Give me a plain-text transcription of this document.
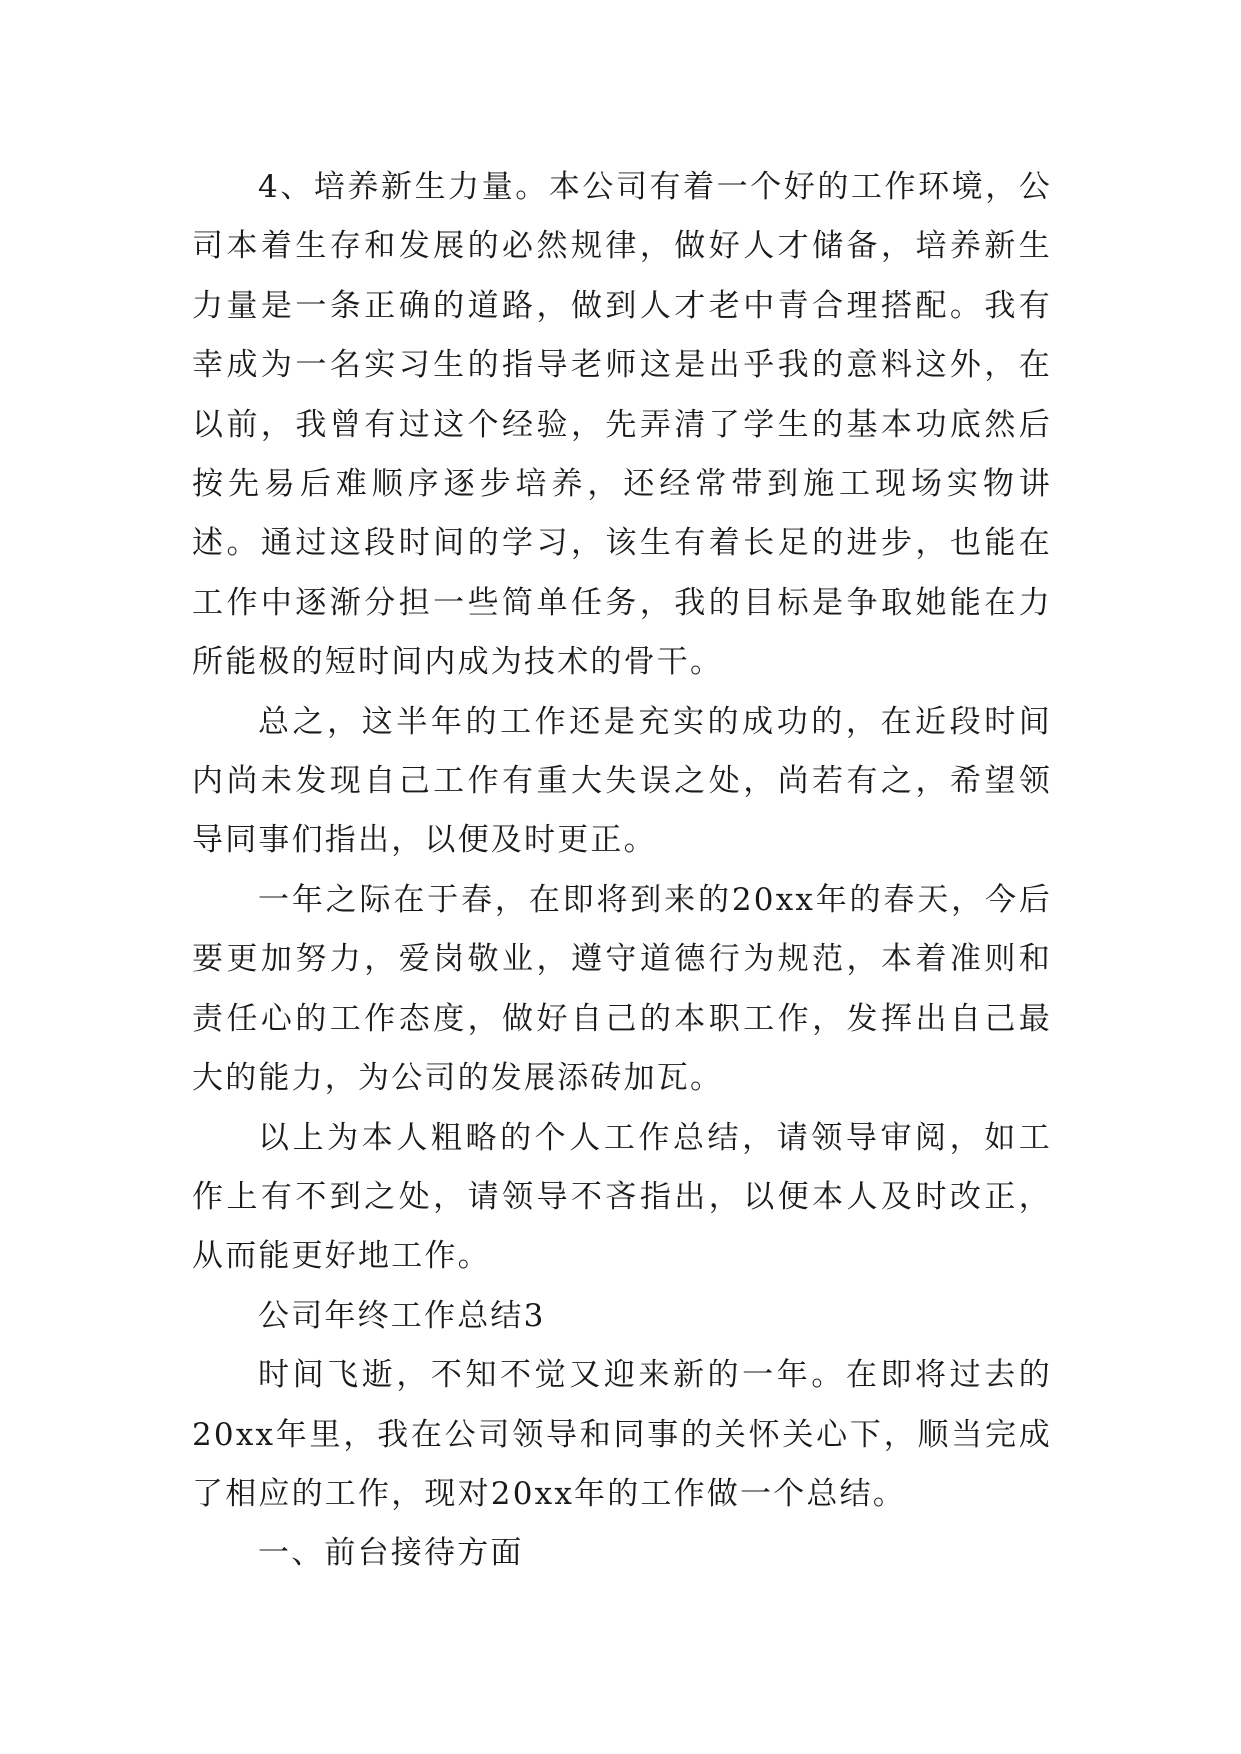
4、培养新生力量。本公司有着一个好的工作环境，公司本着生存和发展的必然规律，做好人才储备，培养新生力量是一条正确的道路，做到人才老中青合理搭配。我有幸成为一名实习生的指导老师这是出乎我的意料这外，在以前，我曾有过这个经验，先弄清了学生的基本功底然后按先易后难顺序逐步培养，还经常带到施工现场实物讲述。通过这段时间的学习，该生有着长足的进步，也能在工作中逐渐分担一些简单任务，我的目标是争取她能在力所能极的短时间内成为技术的骨干。

总之，这半年的工作还是充实的成功的，在近段时间内尚未发现自己工作有重大失误之处，尚若有之，希望领导同事们指出，以便及时更正。

一年之际在于春，在即将到来的20xx年的春天，今后要更加努力，爱岗敬业，遵守道德行为规范，本着准则和责任心的工作态度，做好自己的本职工作，发挥出自己最大的能力，为公司的发展添砖加瓦。

以上为本人粗略的个人工作总结，请领导审阅，如工作上有不到之处，请领导不吝指出，以便本人及时改正，从而能更好地工作。

公司年终工作总结3

时间飞逝，不知不觉又迎来新的一年。在即将过去的20xx年里，我在公司领导和同事的关怀关心下，顺当完成了相应的工作，现对20xx年的工作做一个总结。

一、前台接待方面
